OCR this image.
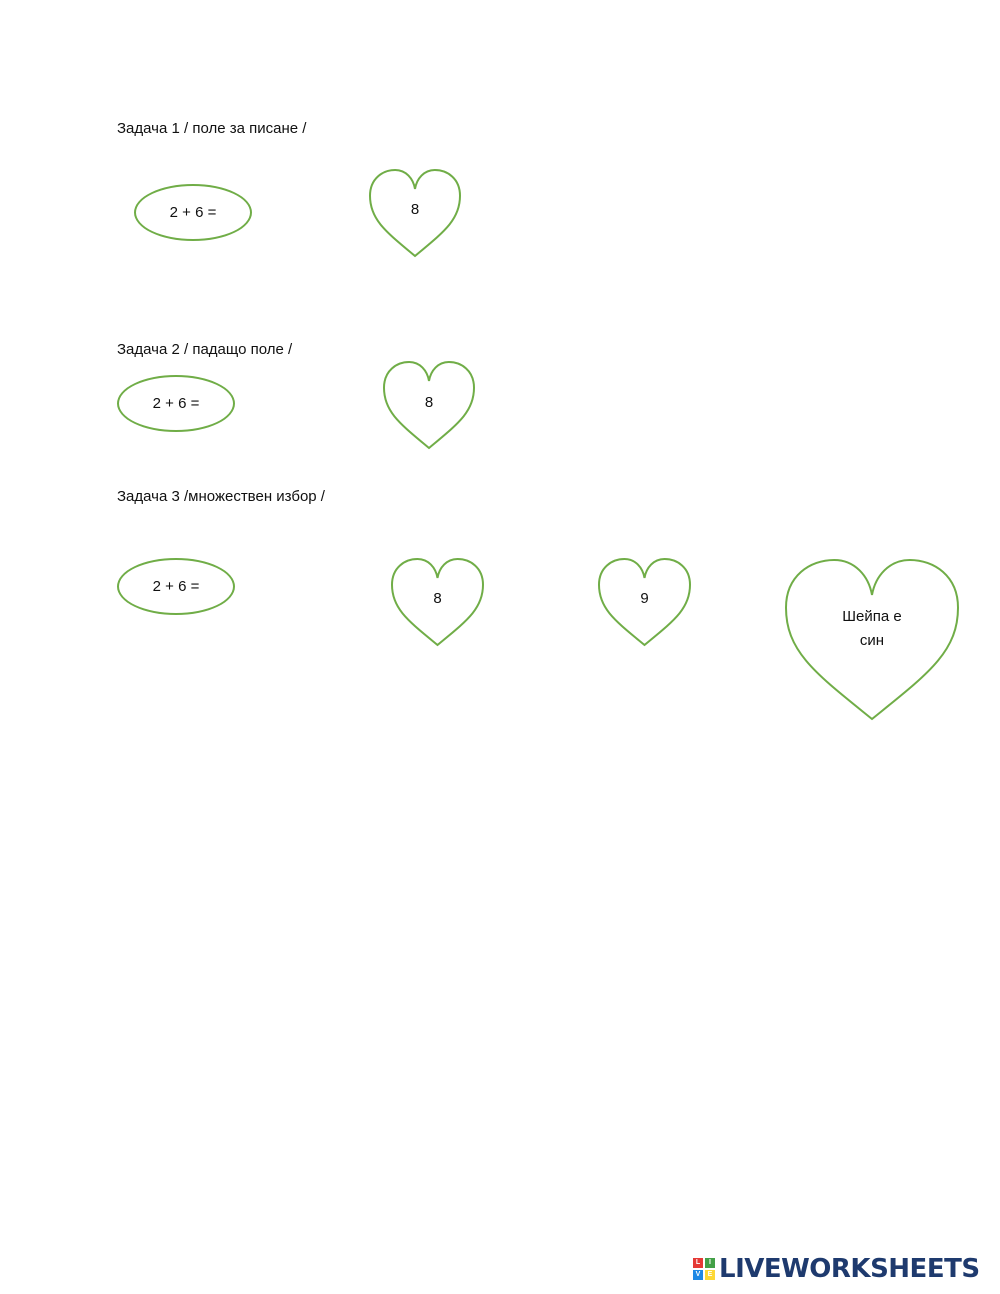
Задача 1 / поле за писане /
2 + 6 =	8
Задача 2 / падащо поле /
2 + 6 =	8
Задача 3 /множествен избор /
2 + 6 =
8	9
Шейпа е
син
L	I
V	E LIVEWORKSHEETS
